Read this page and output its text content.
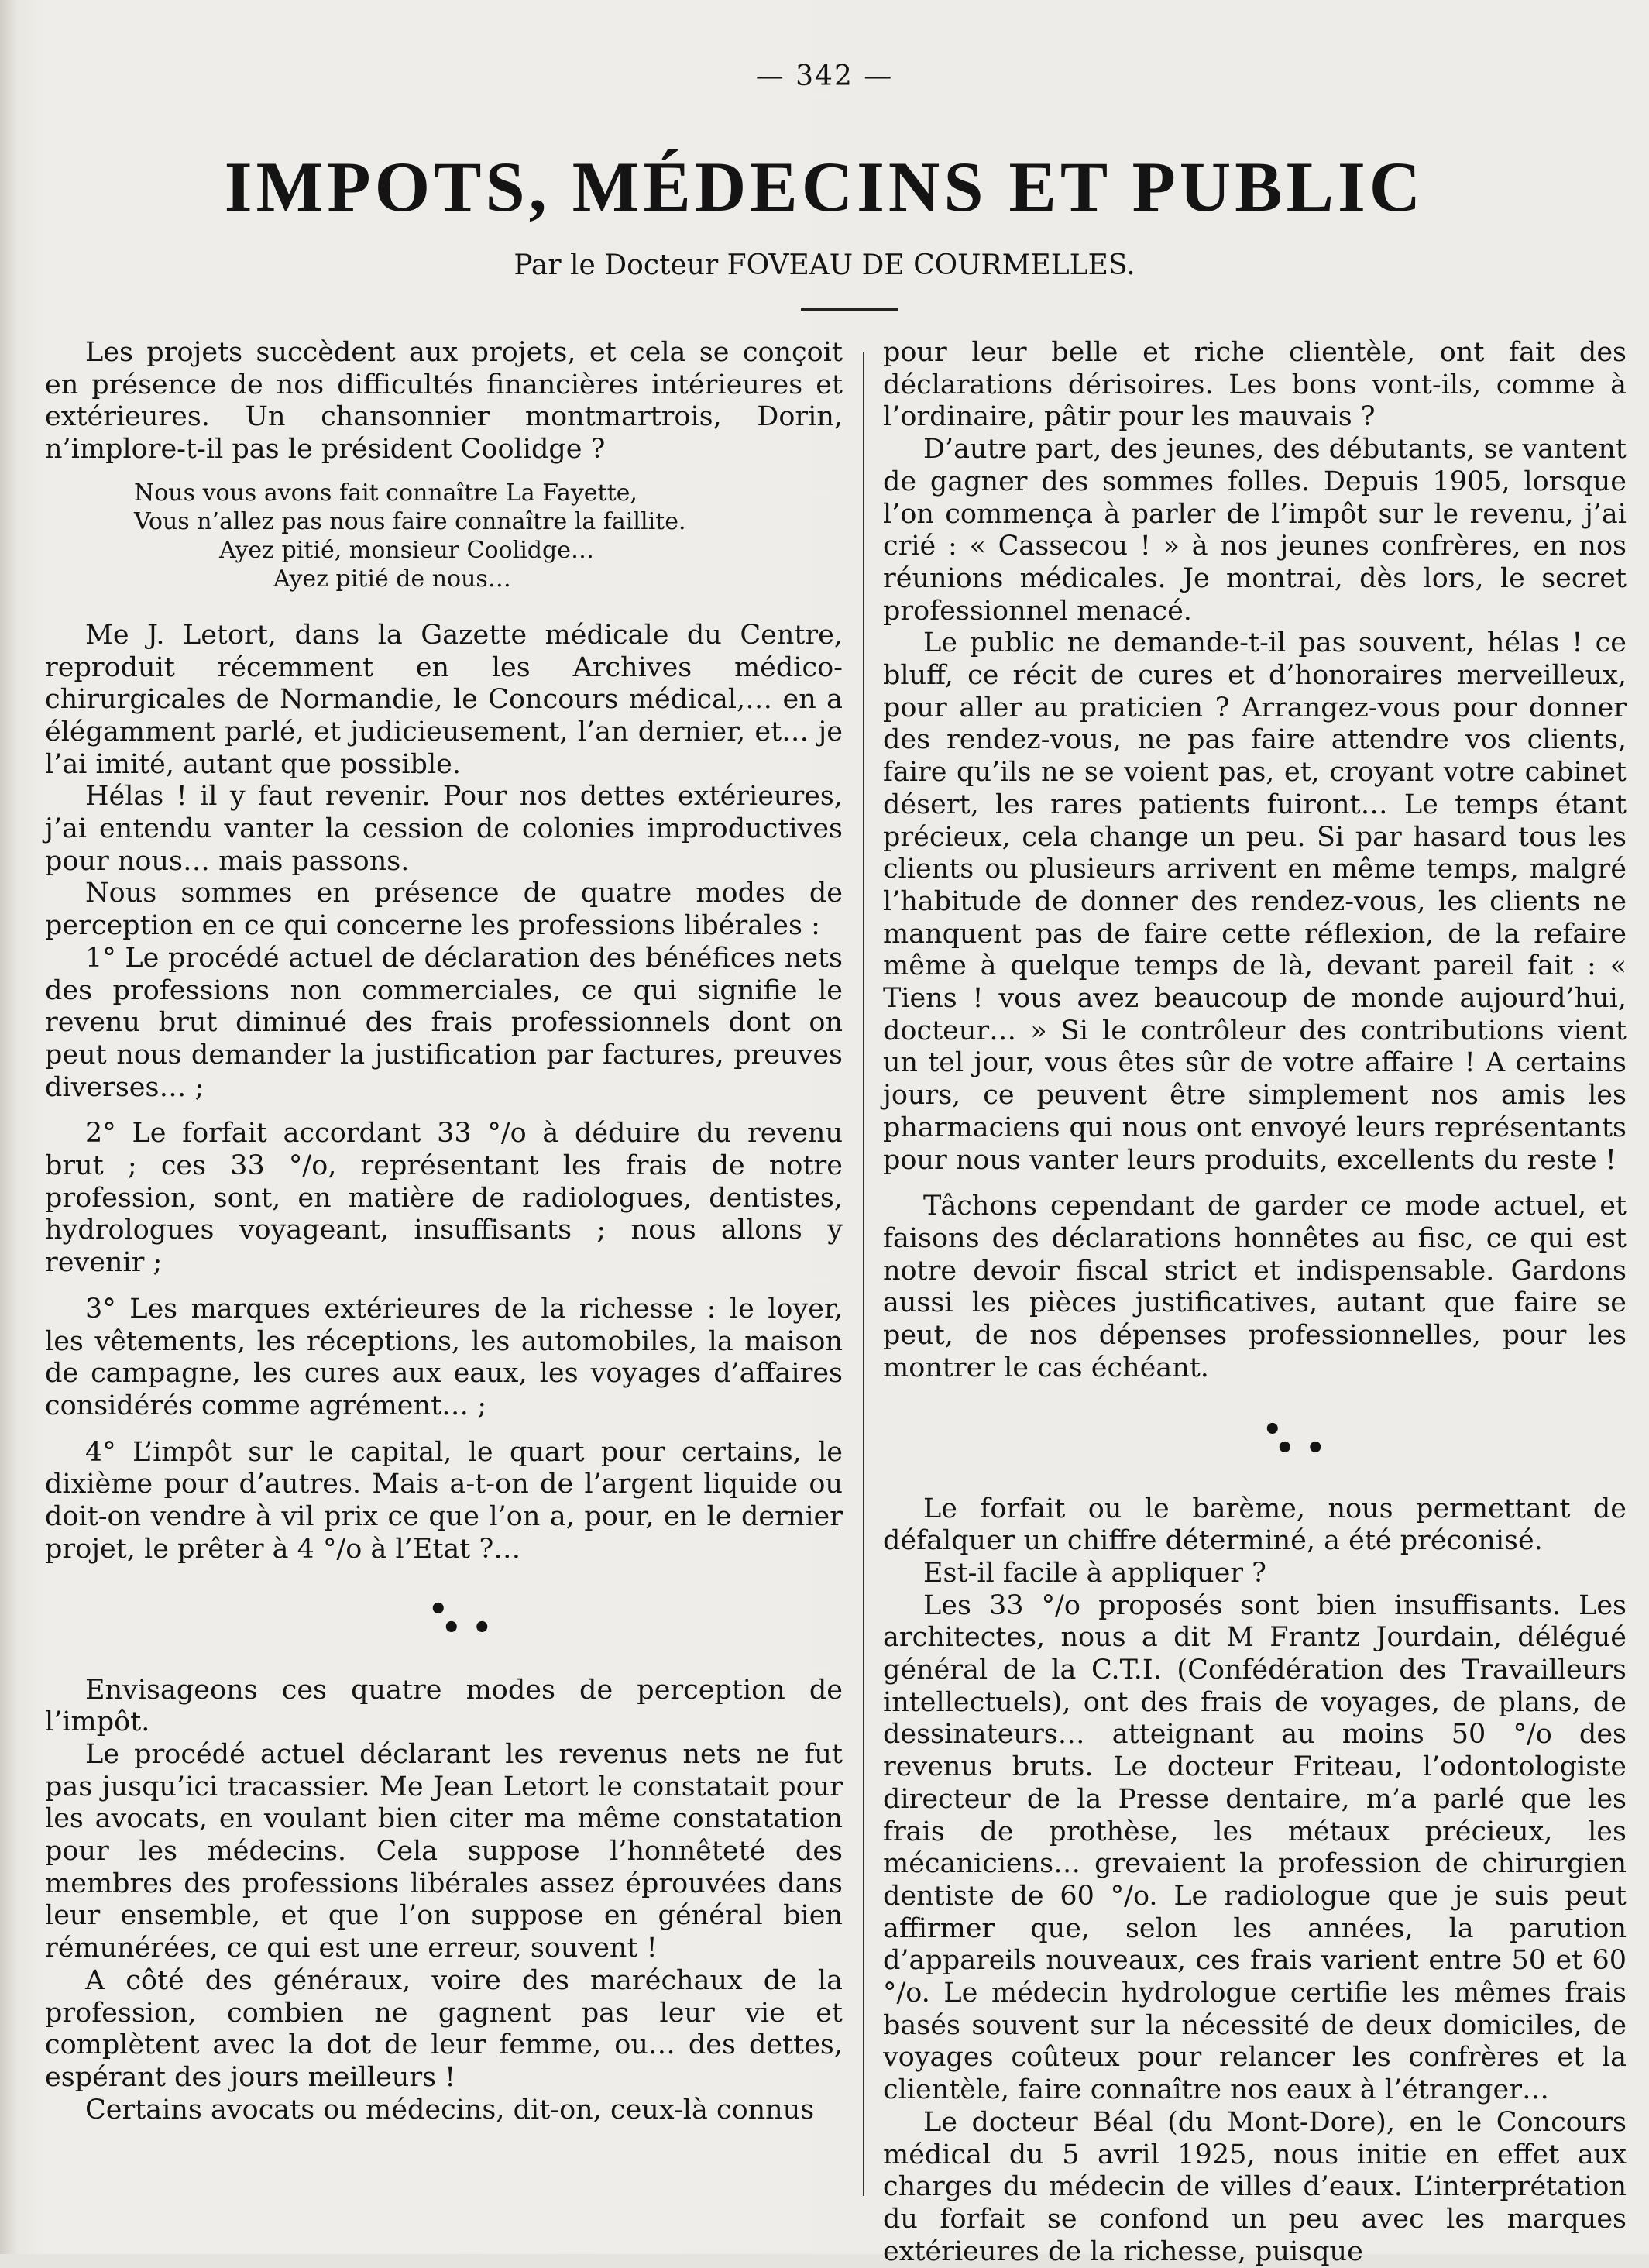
— 342 —
IMPOTS, MÉDECINS ET PUBLIC
Par le Docteur FOVEAU DE COURMELLES.

Les projets succèdent aux projets, et cela se conçoit en présence de nos difficultés financières intérieures et extérieures. Un chansonnier montmartrois, Dorin, n’implore-t-il pas le président Coolidge ?

Nous vous avons fait connaître La Fayette,
Vous n’allez pas nous faire connaître la faillite.
Ayez pitié, monsieur Coolidge…
Ayez pitié de nous…

Me J. Letort, dans la Gazette médicale du Centre, reproduit récemment en les Archives médico-chirurgicales de Normandie, le Concours médical,… en a élégamment parlé, et judicieusement, l’an dernier, et… je l’ai imité, autant que possible.

Hélas ! il y faut revenir. Pour nos dettes extérieures, j’ai entendu vanter la cession de colonies improductives pour nous… mais passons.

Nous sommes en présence de quatre modes de perception en ce qui concerne les professions libérales :

1° Le procédé actuel de déclaration des bénéfices nets des professions non commerciales, ce qui signifie le revenu brut diminué des frais professionnels dont on peut nous demander la justification par factures, preuves diverses… ;

2° Le forfait accordant 33 °/o à déduire du revenu brut ; ces 33 °/o, représentant les frais de notre profession, sont, en matière de radiologues, dentistes, hydrologues voyageant, insuffisants ; nous allons y revenir ;

3° Les marques extérieures de la richesse : le loyer, les vêtements, les réceptions, les automobiles, la maison de campagne, les cures aux eaux, les voyages d’affaires considérés comme agrément… ;

4° L’impôt sur le capital, le quart pour certains, le dixième pour d’autres. Mais a-t-on de l’argent liquide ou doit-on vendre à vil prix ce que l’on a, pour, en le dernier projet, le prêter à 4 °/o à l’Etat ?…

•
• •

Envisageons ces quatre modes de perception de l’impôt.

Le procédé actuel déclarant les revenus nets ne fut pas jusqu’ici tracassier. Me Jean Letort le constatait pour les avocats, en voulant bien citer ma même constatation pour les médecins. Cela suppose l’honnêteté des membres des professions libérales assez éprouvées dans leur ensemble, et que l’on suppose en général bien rémunérées, ce qui est une erreur, souvent !

A côté des généraux, voire des maréchaux de la profession, combien ne gagnent pas leur vie et complètent avec la dot de leur femme, ou… des dettes, espérant des jours meilleurs !

Certains avocats ou médecins, dit-on, ceux-là connus

pour leur belle et riche clientèle, ont fait des déclarations dérisoires. Les bons vont-ils, comme à l’ordinaire, pâtir pour les mauvais ?

D’autre part, des jeunes, des débutants, se vantent de gagner des sommes folles. Depuis 1905, lorsque l’on commença à parler de l’impôt sur le revenu, j’ai crié : « Cassecou ! » à nos jeunes confrères, en nos réunions médicales. Je montrai, dès lors, le secret professionnel menacé.

Le public ne demande-t-il pas souvent, hélas ! ce bluff, ce récit de cures et d’honoraires merveilleux, pour aller au praticien ? Arrangez-vous pour donner des rendez-vous, ne pas faire attendre vos clients, faire qu’ils ne se voient pas, et, croyant votre cabinet désert, les rares patients fuiront… Le temps étant précieux, cela change un peu. Si par hasard tous les clients ou plusieurs arrivent en même temps, malgré l’habitude de donner des rendez-vous, les clients ne manquent pas de faire cette réflexion, de la refaire même à quelque temps de là, devant pareil fait : « Tiens ! vous avez beaucoup de monde aujourd’hui, docteur… » Si le contrôleur des contributions vient un tel jour, vous êtes sûr de votre affaire ! A certains jours, ce peuvent être simplement nos amis les pharmaciens qui nous ont envoyé leurs représentants pour nous vanter leurs produits, excellents du reste !

Tâchons cependant de garder ce mode actuel, et faisons des déclarations honnêtes au fisc, ce qui est notre devoir fiscal strict et indispensable. Gardons aussi les pièces justificatives, autant que faire se peut, de nos dépenses professionnelles, pour les montrer le cas échéant.

•
• •

Le forfait ou le barème, nous permettant de défalquer un chiffre déterminé, a été préconisé.

Est-il facile à appliquer ?

Les 33 °/o proposés sont bien insuffisants. Les architectes, nous a dit M Frantz Jourdain, délégué général de la C.T.I. (Confédération des Travailleurs intellectuels), ont des frais de voyages, de plans, de dessinateurs… atteignant au moins 50 °/o des revenus bruts. Le docteur Friteau, l’odontologiste directeur de la Presse dentaire, m’a parlé que les frais de prothèse, les métaux précieux, les mécaniciens… grevaient la profession de chirurgien dentiste de 60 °/o. Le radiologue que je suis peut affirmer que, selon les années, la parution d’appareils nouveaux, ces frais varient entre 50 et 60 °/o. Le médecin hydrologue certifie les mêmes frais basés souvent sur la nécessité de deux domiciles, de voyages coûteux pour relancer les confrères et la clientèle, faire connaître nos eaux à l’étranger…

Le docteur Béal (du Mont-Dore), en le Concours médical du 5 avril 1925, nous initie en effet aux charges du médecin de villes d’eaux. L’interprétation du forfait se confond un peu avec les marques extérieures de la richesse, puisque
